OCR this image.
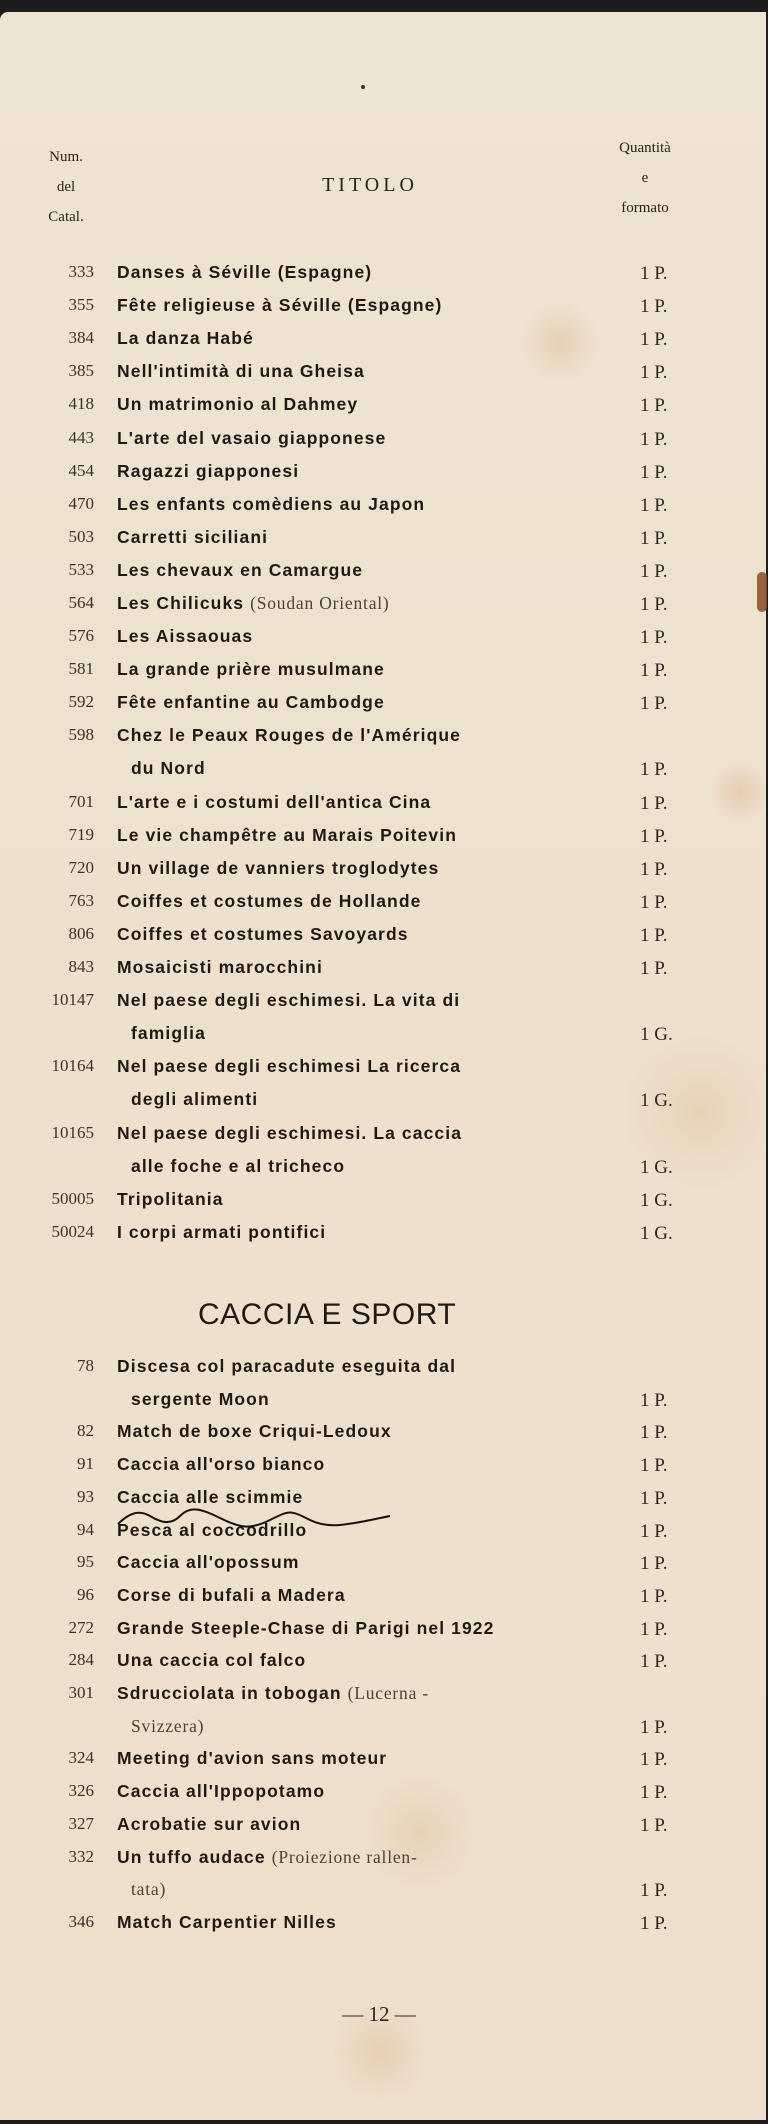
Num.
del
Catal.
TITOLO
Quantità
e
formato
333 Danses à Séville (Espagne)	1 P.
355 Fête religieuse à Séville (Espagne)	1 P.
384 La danza Habé	1 P.
385 Nell'intimità di una Gheisa	1 P.
418 Un matrimonio al Dahmey	1 P.
443 L'arte del vasaio giapponese	1 P.
454 Ragazzi giapponesi	1 P.
470 Les enfants comèdiens au Japon	1 P.
503 Carretti siciliani	1 P.
533 Les chevaux en Camargue	1 P.
564 Les Chilicuks (Soudan Oriental)	1 P.
576 Les Aissaouas	1 P.
581 La grande prière musulmane	1 P.
592 Fête enfantine au Cambodge	1 P.
598 Chez le Peaux Rouges de l'Amérique
du Nord	1 P.
701 L'arte e i costumi dell'antica Cina	1 P.
719 Le vie champêtre au Marais Poitevin	1 P.
720 Un village de vanniers troglodytes	1 P.
763 Coiffes et costumes de Hollande	1 P.
806 Coiffes et costumes Savoyards	1 P.
843 Mosaicisti marocchini	1 P.
10147 Nel paese degli eschimesi. La vita di
famiglia	1 G.
10164 Nel paese degli eschimesi La ricerca
degli alimenti	1 G.
10165 Nel paese degli eschimesi. La caccia
alle foche e al tricheco	1 G.
50005 Tripolitania	1 G.
50024 I corpi armati pontifici	1 G.
CACCIA E SPORT
78 Discesa col paracadute eseguita dal
sergente Moon	1 P.
82 Match de boxe Criqui-Ledoux	1 P.
91 Caccia all'orso bianco	1 P.
93 Caccia alle scimmie	1 P.
94 Pesca al coccodrillo	1 P.
95 Caccia all'opossum	1 P.
96 Corse di bufali a Madera	1 P.
272 Grande Steeple-Chase di Parigi nel 1922	1 P.
284 Una caccia col falco	1 P.
301 Sdrucciolata in tobogan (Lucerna -
Svizzera)	1 P.
324 Meeting d'avion sans moteur	1 P.
326 Caccia all'Ippopotamo	1 P.
327 Acrobatie sur avion	1 P.
332 Un tuffo audace (Proiezione rallen-
tata)	1 P.
346 Match Carpentier Nilles	1 P.
— 12 —
